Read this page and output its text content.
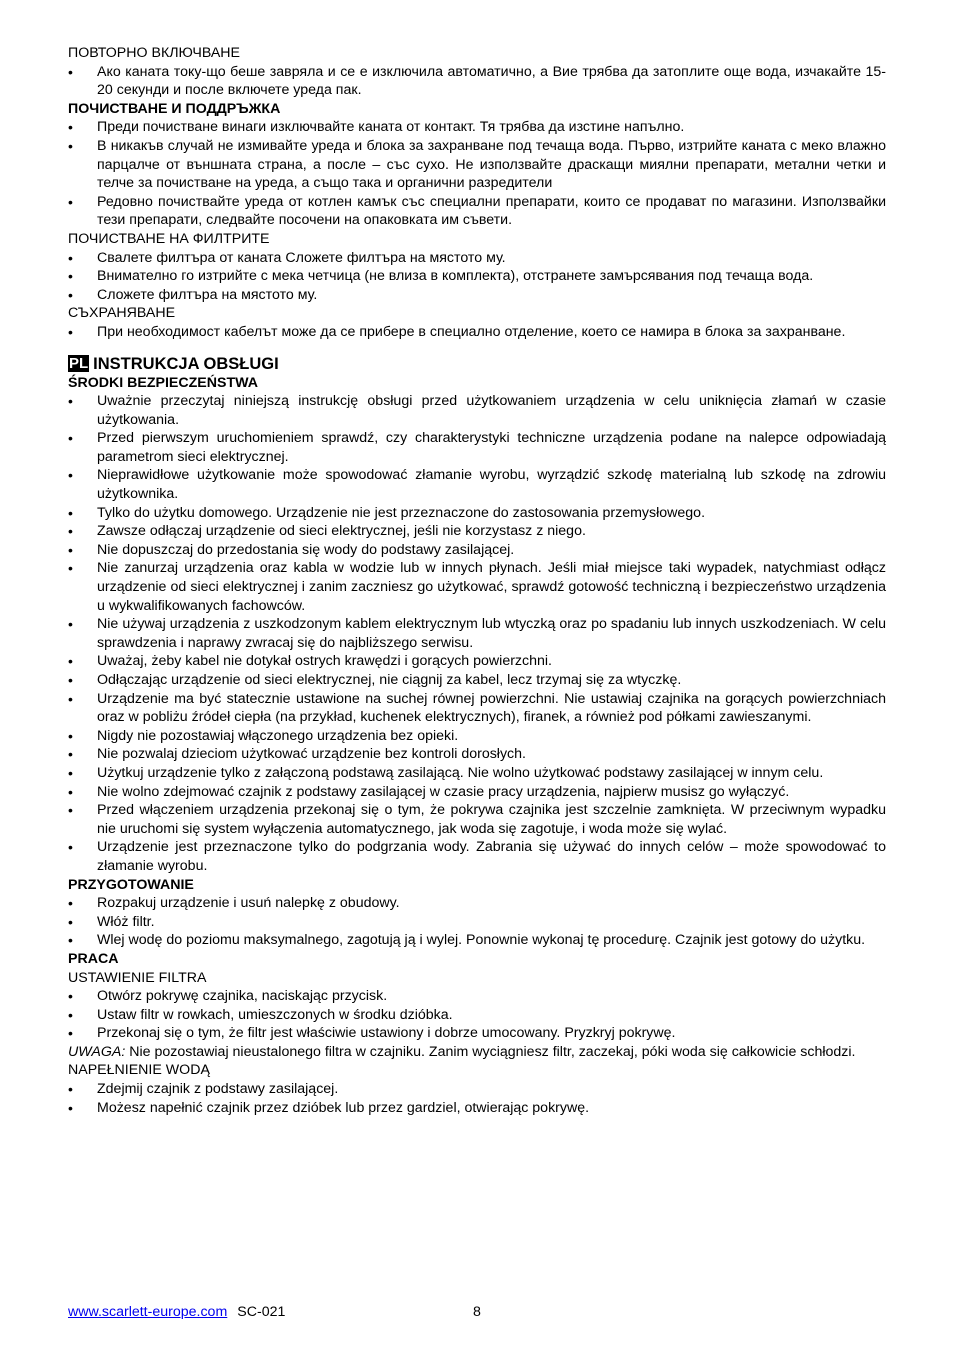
ПОВТОРНО ВКЛЮЧВАНЕ

• Ако каната току-що беше завряла и се е изключила автоматично, а Вие трябва да затоплите още вода, изчакайте 15-20 секунди и после включете уреда пак.

ПОЧИСТВАНЕ И ПОДДРЪЖКА

• Преди почистване винаги изключвайте каната от контакт. Тя трябва да изстине напълно.
• В никакъв случай не измивайте уреда и блока за захранване под течаща вода. Първо, изтрийте каната с меко влажно парцалче от външната страна, а после – със сухо. Не използвайте драскащи миялни препарати, метални четки и телче за почистване на уреда, а също така и органични разредители
• Редовно почиствайте уреда от котлен камък със специални препарати, които се продават по магазини. Използвайки тези препарати, следвайте посочени на опаковката им съвети.

ПОЧИСТВАНЕ НА ФИЛТРИТЕ

• Свалете филтъра от каната Сложете филтъра на мястото му.
• Внимателно го изтрийте с мека четчица (не влиза в комплекта), отстранете замърсявания под течаща вода.
• Сложете филтъра на мястото му.

СЪХРАНЯВАНЕ

• При необходимост кабелът може да се прибере в специално отделение, което се намира в блока за захранване.
PL INSTRUKCJA OBSŁUGI

ŚRODKI BEZPIECZEŃSTWA

• Uważnie przeczytaj niniejszą instrukcję obsługi przed użytkowaniem urządzenia w celu uniknięcia złamań w czasie użytkowania.
• Przed pierwszym uruchomieniem sprawdź, czy charakterystyki techniczne urządzenia podane na nalepce odpowiadają parametrom sieci elektrycznej.
• Nieprawidłowe użytkowanie może spowodować złamanie wyrobu, wyrządzić szkodę materialną lub szkodę na zdrowiu użytkownika.
• Tylko do użytku domowego. Urządzenie nie jest przeznaczone do zastosowania przemysłowego.
• Zawsze odłączaj urządzenie od sieci elektrycznej, jeśli nie korzystasz z niego.
• Nie dopuszczaj do przedostania się wody do podstawy zasilającej.
• Nie zanurzaj urządzenia oraz kabla w wodzie lub w innych płynach. Jeśli miał miejsce taki wypadek, natychmiast odłącz urządzenie od sieci elektrycznej i zanim zaczniesz go użytkować, sprawdź gotowość techniczną i bezpieczeństwo urządzenia u wykwalifikowanych fachowców.
• Nie używaj urządzenia z uszkodzonym kablem elektrycznym lub wtyczką oraz po spadaniu lub innych uszkodzeniach. W celu sprawdzenia i naprawy zwracaj się do najbliższego serwisu.
• Uważaj, żeby kabel nie dotykał ostrych krawędzi i gorących powierzchni.
• Odłączając urządzenie od sieci elektrycznej, nie ciągnij za kabel, lecz trzymaj się za wtyczkę.
• Urządzenie ma być statecznie ustawione na suchej równej powierzchni. Nie ustawiaj czajnika na gorących powierzchniach oraz w pobliżu źródeł ciepła (na przykład, kuchenek elektrycznych), firanek, a również pod półkami zawieszanymi.
• Nigdy nie pozostawiaj włączonego urządzenia bez opieki.
• Nie pozwalaj dzieciom użytkować urządzenie bez kontroli dorosłych.
• Użytkuj urządzenie tylko z załączoną podstawą zasilającą. Nie wolno użytkować podstawy zasilającej w innym celu.
• Nie wolno zdejmować czajnik z podstawy zasilającej w czasie pracy urządzenia, najpierw musisz go wyłączyć.
• Przed włączeniem urządzenia przekonaj się o tym, że pokrywa czajnika jest szczelnie zamknięta. W przeciwnym wypadku nie uruchomi się system wyłączenia automatycznego, jak woda się zagotuje, i woda może się wylać.
• Urządzenie jest przeznaczone tylko do podgrzania wody. Zabrania się używać do innych celów – może spowodować to złamanie wyrobu.

PRZYGOTOWANIE

• Rozpakuj urządzenie i usuń nalepkę z obudowy.
• Włóż filtr.
• Wlej wodę do poziomu maksymalnego, zagotują ją i wylej. Ponownie wykonaj tę procedurę. Czajnik jest gotowy do użytku.

PRACA

USTAWIENIE FILTRA

• Otwórz pokrywę czajnika, naciskając przycisk.
• Ustaw filtr w rowkach, umieszczonych w środku dzióbka.
• Przekonaj się o tym, że filtr jest właściwie ustawiony i dobrze umocowany. Pryzkryj pokrywę.

UWAGA: Nie pozostawiaj nieustalonego filtra w czajniku. Zanim wyciągniesz filtr, zaczekaj, póki woda się całkowicie schłodzi.

NAPEŁNIENIE WODĄ

• Zdejmij czajnik z podstawy zasilającej.
• Możesz napełnić czajnik przez dzióbek lub przez gardziel, otwierając pokrywę.
www.scarlett-europe.com SC-021	8
